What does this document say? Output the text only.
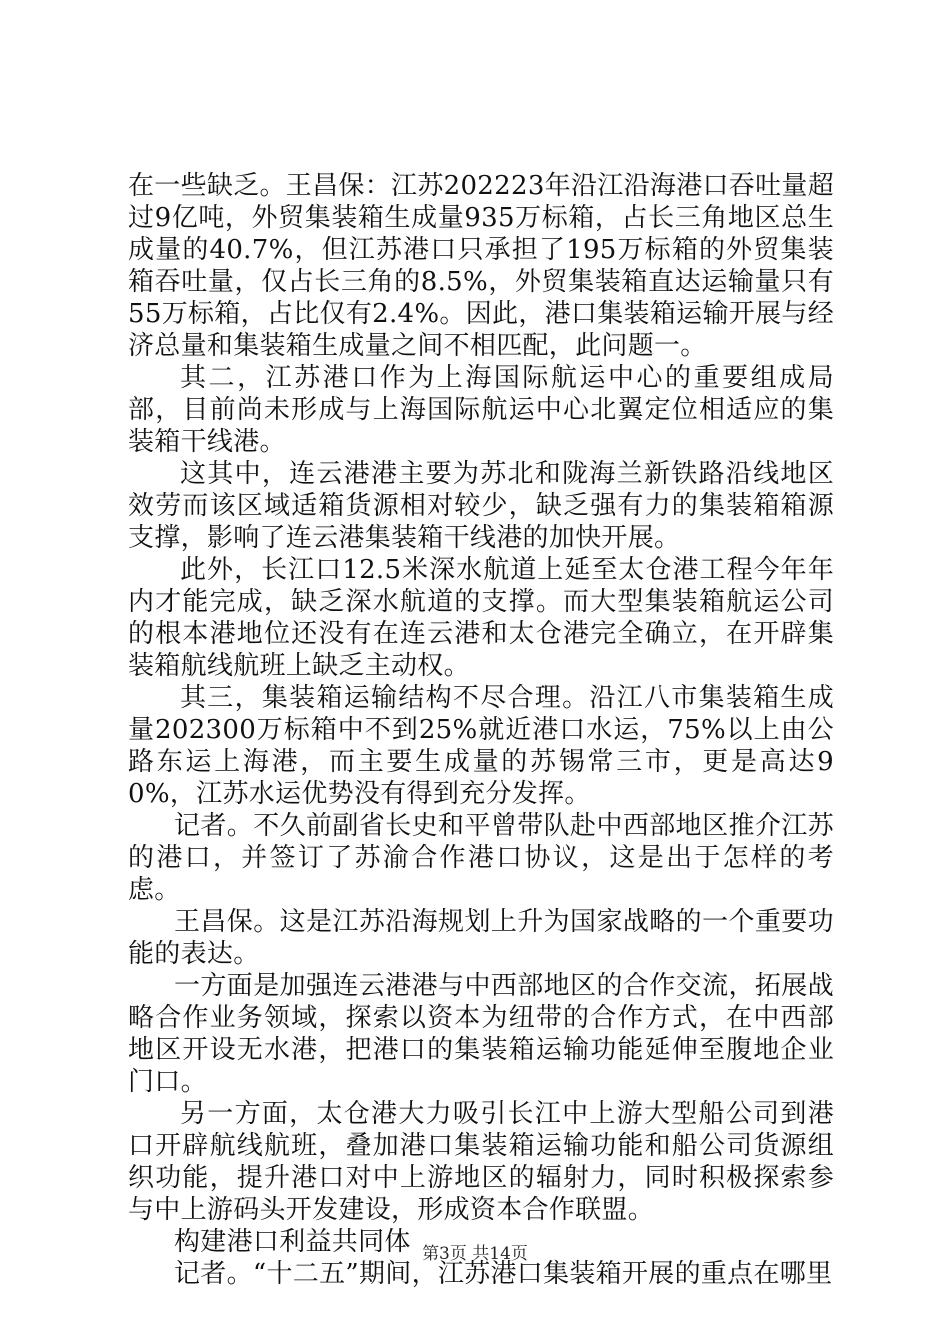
在一些缺乏。王昌保：江苏202223年沿江沿海港口吞吐量超过9亿吨，外贸集装箱生成量935万标箱，占长三角地区总生成量的40.7%，但江苏港口只承担了195万标箱的外贸集装箱吞吐量，仅占长三角的8.5%，外贸集装箱直达运输量只有55万标箱，占比仅有2.4%。因此，港口集装箱运输开展与经济总量和集装箱生成量之间不相匹配，此问题一。

其二，江苏港口作为上海国际航运中心的重要组成局部，目前尚未形成与上海国际航运中心北翼定位相适应的集装箱干线港。

这其中，连云港港主要为苏北和陇海兰新铁路沿线地区效劳而该区域适箱货源相对较少，缺乏强有力的集装箱箱源支撑，影响了连云港集装箱干线港的加快开展。

此外，长江口12.5米深水航道上延至太仓港工程今年年内才能完成，缺乏深水航道的支撑。而大型集装箱航运公司的根本港地位还没有在连云港和太仓港完全确立，在开辟集装箱航线航班上缺乏主动权。

其三，集装箱运输结构不尽合理。沿江八市集装箱生成量202300万标箱中不到25%就近港口水运，75%以上由公路东运上海港，而主要生成量的苏锡常三市，更是高达90%，江苏水运优势没有得到充分发挥。

记者。不久前副省长史和平曾带队赴中西部地区推介江苏的港口，并签订了苏渝合作港口协议，这是出于怎样的考虑。

王昌保。这是江苏沿海规划上升为国家战略的一个重要功能的表达。

一方面是加强连云港港与中西部地区的合作交流，拓展战略合作业务领域，探索以资本为纽带的合作方式，在中西部地区开设无水港，把港口的集装箱运输功能延伸至腹地企业门口。

另一方面，太仓港大力吸引长江中上游大型船公司到港口开辟航线航班，叠加港口集装箱运输功能和船公司货源组织功能，提升港口对中上游地区的辐射力，同时积极探索参与中上游码头开发建设，形成资本合作联盟。

构建港口利益共同体

记者。“十二五”期间，江苏港口集装箱开展的重点在哪里

第3页 共14页
